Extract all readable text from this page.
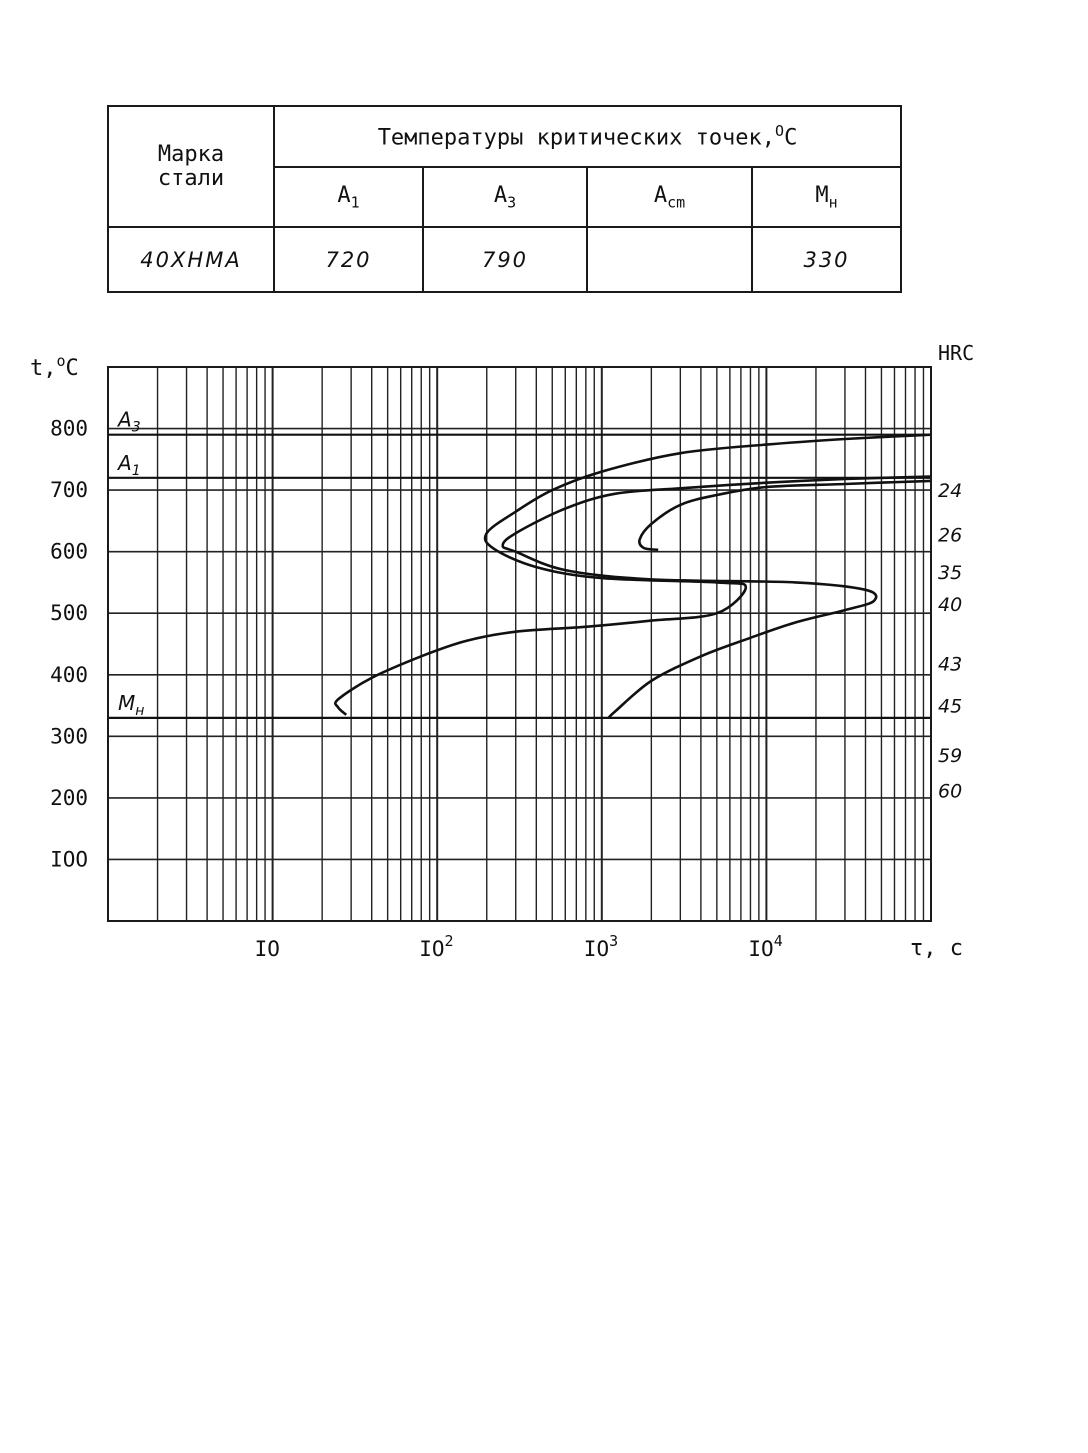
Марка стали	Температуры критических точек,$^O$С			
	$A_1$	$A_3$	$A_{cm}$	$M_н$
40ХНМА	720	790		330
IOO
200
300
400
500
600
700
800
IO	$IO^2$	$IO^3$	$IO^4$
24
26
35
40
43
45
59
60
$A_3$
$A_1$
$M_н$
t,$^o$C
HRC
τ, с
